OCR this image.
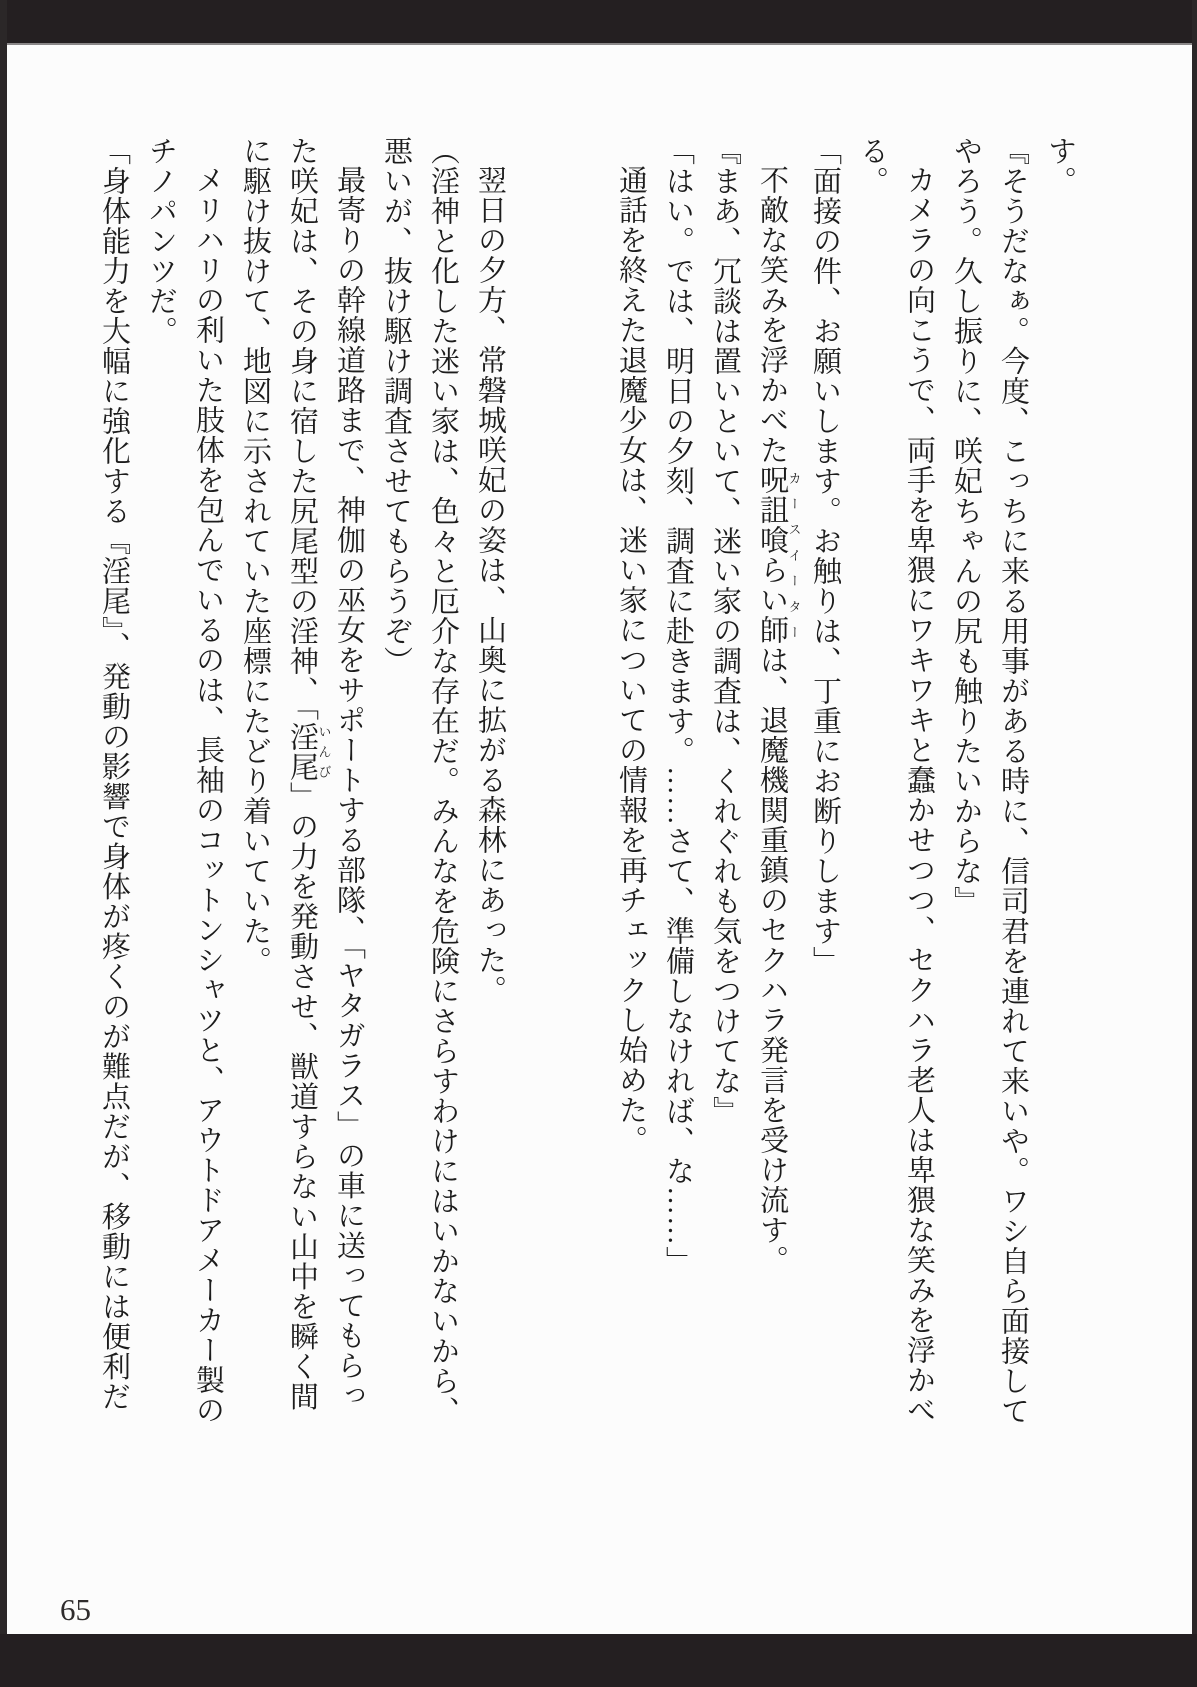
す。

『そうだなぁ。今度、こっちに来る用事がある時に、信司君を連れて来いや。ワシ自ら面接してやろう。久し振りに、咲妃ちゃんの尻も触りたいからな』

カメラの向こうで、両手を卑猥にワキワキと蠢かせつつ、セクハラ老人は卑猥な笑みを浮かべる。

「面接の件、お願いします。お触りは、丁重にお断りします」

不敵な笑みを浮かべた呪詛喰らい師カースイーターは、退魔機関重鎮のセクハラ発言を受け流す。

『まあ、冗談は置いといて、迷い家の調査は、くれぐれも気をつけてな』

「はい。では、明日の夕刻、調査に赴きます。……さて、準備しなければ、な……」

通話を終えた退魔少女は、迷い家についての情報を再チェックし始めた。

翌日の夕方、常磐城咲妃の姿は、山奥に拡がる森林にあった。

（淫神と化した迷い家は、色々と厄介な存在だ。みんなを危険にさらすわけにはいかないから、悪いが、抜け駆け調査させてもらうぞ）

最寄りの幹線道路まで、神伽の巫女をサポートする部隊、「ヤタガラス」の車に送ってもらった咲妃は、その身に宿した尻尾型の淫神、「淫尾いんび」の力を発動させ、獣道すらない山中を瞬く間に駆け抜けて、地図に示されていた座標にたどり着いていた。

メリハリの利いた肢体を包んでいるのは、長袖のコットンシャツと、アウトドアメーカー製のチノパンツだ。

「身体能力を大幅に強化する『淫尾』、発動の影響で身体が疼くのが難点だが、移動には便利だ

65
